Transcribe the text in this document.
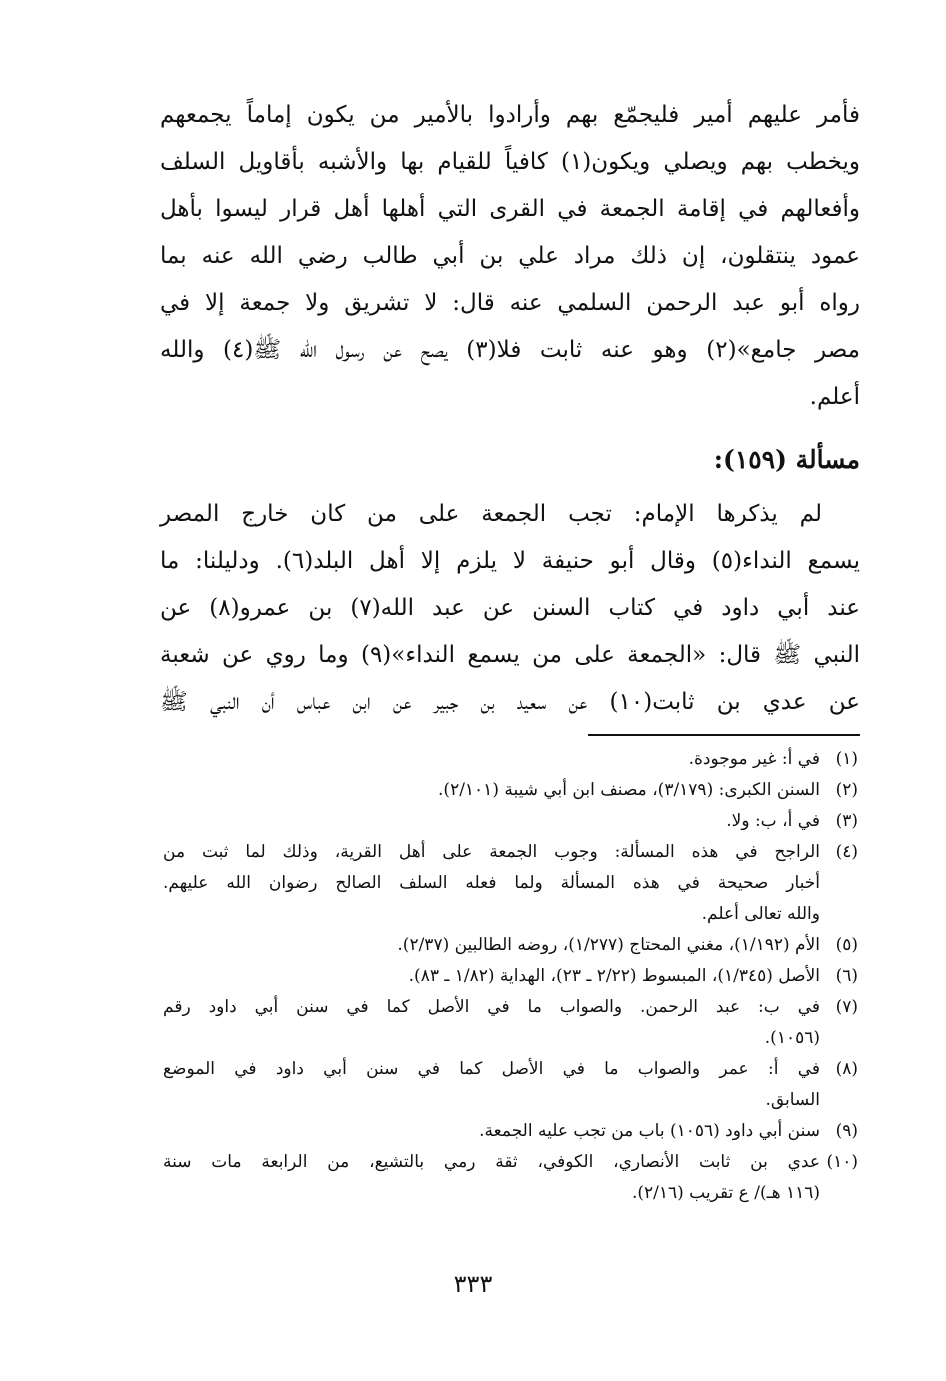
فأمر عليهم أمير فليجمّع بهم وأرادوا بالأمير من يكون إماماً يجمعهم
ويخطب بهم ويصلي ويكون(١) كافياً للقيام بها والأشبه بأقاويل السلف
وأفعالهم في إقامة الجمعة في القرى التي أهلها أهل قرار ليسوا بأهل
عمود ينتقلون، إن ذلك مراد علي بن أبي طالب رضي الله عنه بما
رواه أبو عبد الرحمن السلمي عنه قال: لا تشريق ولا جمعة إلا في
مصر جامع»(٢) وهو عنه ثابت فلا(٣) يصح عن رسول الله ﷺ(٤) والله
أعلم.
مسألة (١٥٩):
لم يذكرها الإمام: تجب الجمعة على من كان خارج المصر
يسمع النداء(٥) وقال أبو حنيفة لا يلزم إلا أهل البلد(٦). ودليلنا: ما
عند أبي داود في كتاب السنن عن عبد الله(٧) بن عمرو(٨) عن
النبي ﷺ قال: «الجمعة على من يسمع النداء»(٩) وما روي عن شعبة
عن عدي بن ثابت(١٠) عن سعيد بن جبير عن ابن عباس أن النبي ﷺ
(١)
في أ: غير موجودة.
(٢)
السنن الكبرى: (٣/١٧٩)، مصنف ابن أبي شيبة (٢/١٠١).
(٣)
في أ، ب: ولا.
(٤)
الراجح في هذه المسألة: وجوب الجمعة على أهل القرية، وذلك لما ثبت من
أخبار صحيحة في هذه المسألة ولما فعله السلف الصالح رضوان الله عليهم.
والله تعالى أعلم.
(٥)
الأم (١/١٩٢)، مغني المحتاج (١/٢٧٧)، روضه الطالبين (٢/٣٧).
(٦)
الأصل (١/٣٤٥)، المبسوط (٢/٢٢ ـ ٢٣)، الهداية (١/٨٢ ـ ٨٣).
(٧)
في ب: عبد الرحمن. والصواب ما في الأصل كما في سنن أبي داود رقم
(١٠٥٦).
(٨)
في أ: عمر والصواب ما في الأصل كما في سنن أبي داود في الموضع
السابق.
(٩)
سنن أبي داود (١٠٥٦) باب من تجب عليه الجمعة.
(١٠)
عدي بن ثابت الأنصاري، الكوفي، ثقة رمي بالتشيع، من الرابعة مات سنة
(١١٦ هـ)/ ع تقريب (٢/١٦).
٣٣٣
